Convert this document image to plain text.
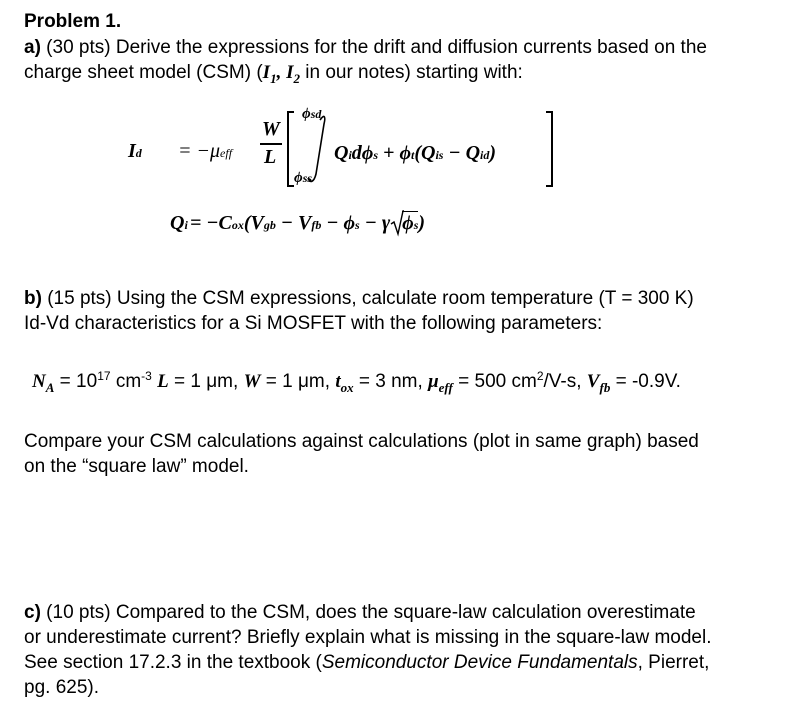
Problem 1.
a) (30 pts) Derive the expressions for the drift and diffusion currents based on the
charge sheet model (CSM) ($I_1$, $I_2$ in our notes) starting with:
Id = −μeff
W
L
ϕsd
ϕss
Qidϕs + ϕt(Qis − Qid)
Qi = −Cox(Vgb − Vfb − ϕs − γ ϕs)
b) (15 pts) Using the CSM expressions, calculate room temperature (T = 300 K)
Id-Vd characteristics for a Si MOSFET with the following parameters:
$N_A = 10^{17}$ $cm^{-3}$ L = 1 μm, W = 1 μm, $t_{ox} = 3$ nm, $\mu_{eff} = 500$ $cm^2/V-s$, $V_{fb} = -0.9V$.
Compare your CSM calculations against calculations (plot in same graph) based
on the “square law” model.
c) (10 pts) Compared to the CSM, does the square-law calculation overestimate
or underestimate current? Briefly explain what is missing in the square-law model.
See section 17.2.3 in the textbook (Semiconductor Device Fundamentals, Pierret,
pg. 625).
